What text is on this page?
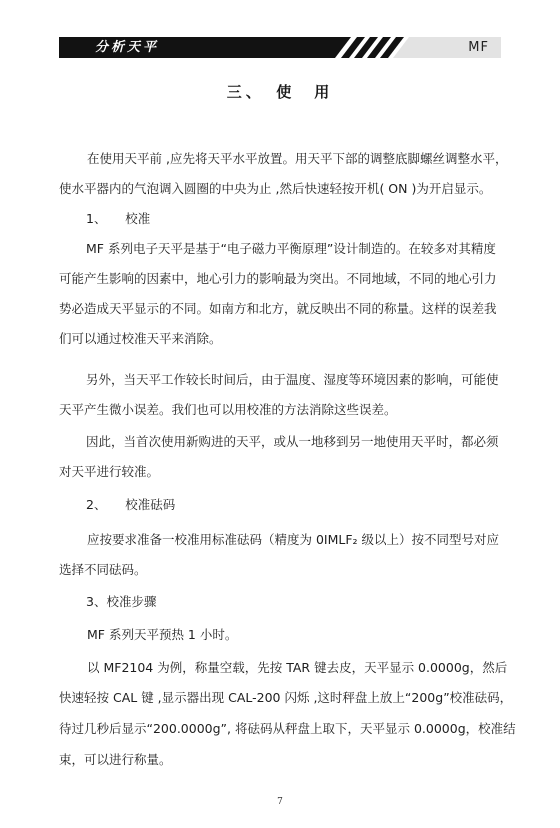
分析天平	MF
三、　使　用
在使用天平前 ,应先将天平水平放置。用天平下部的调整底脚螺丝调整水平，
使水平器内的气泡调入圆圈的中央为止 ,然后快速轻按开机( ON )为开启显示。
1、　　校准
MF 系列电子天平是基于“电子磁力平衡原理”设计制造的。在较多对其精度
可能产生影响的因素中，地心引力的影响最为突出。不同地域，不同的地心引力
势必造成天平显示的不同。如南方和北方，就反映出不同的称量。这样的误差我
们可以通过校准天平来消除。
另外，当天平工作较长时间后，由于温度、湿度等环境因素的影响，可能使
天平产生微小误差。我们也可以用校准的方法消除这些误差。
因此，当首次使用新购进的天平，或从一地移到另一地使用天平时，都必须
对天平进行较准。
2、　　校准砝码
应按要求准备一校准用标准砝码（精度为 0IMLF₂ 级以上）按不同型号对应
选择不同砝码。
3、校准步骤
MF 系列天平预热 1 小时。
以 MF2104 为例，称量空载，先按 TAR 键去皮，天平显示 0.0000g，然后
快速轻按 CAL 键 ,显示器出现 CAL-200 闪烁 ,这时秤盘上放上“200g”校准砝码，
待过几秒后显示“200.0000g”, 将砝码从秤盘上取下，天平显示 0.0000g，校准结
束，可以进行称量。
7
